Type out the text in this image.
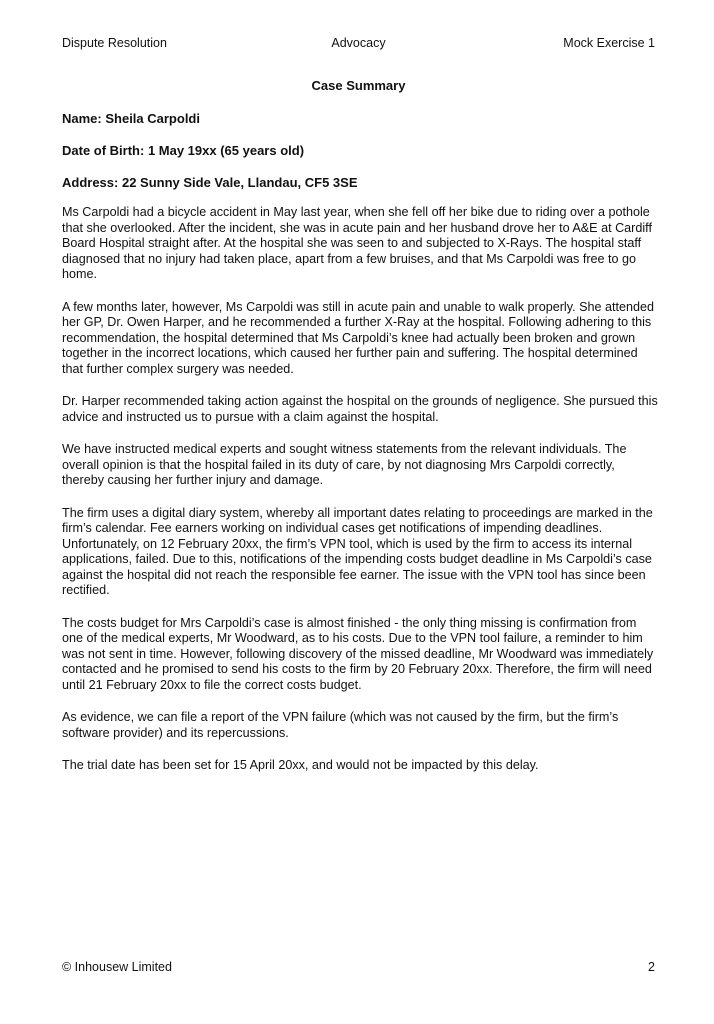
Dispute Resolution	Advocacy	Mock Exercise 1
Case Summary
Name: Sheila Carpoldi
Date of Birth: 1 May 19xx (65 years old)
Address: 22 Sunny Side Vale, Llandau, CF5 3SE

Ms Carpoldi had a bicycle accident in May last year, when she fell off her bike due to riding over a pothole that she overlooked. After the incident, she was in acute pain and her husband drove her to A&E at Cardiff Board Hospital straight after. At the hospital she was seen to and subjected to X-Rays. The hospital staff diagnosed that no injury had taken place, apart from a few bruises, and that Ms Carpoldi was free to go home.

A few months later, however, Ms Carpoldi was still in acute pain and unable to walk properly. She attended her GP, Dr. Owen Harper, and he recommended a further X-Ray at the hospital. Following adhering to this recommendation, the hospital determined that Ms Carpoldi’s knee had actually been broken and grown together in the incorrect locations, which caused her further pain and suffering. The hospital determined that further complex surgery was needed.

Dr. Harper recommended taking action against the hospital on the grounds of negligence. She pursued this advice and instructed us to pursue with a claim against the hospital.

We have instructed medical experts and sought witness statements from the relevant individuals. The overall opinion is that the hospital failed in its duty of care, by not diagnosing Mrs Carpoldi correctly, thereby causing her further injury and damage.

The firm uses a digital diary system, whereby all important dates relating to proceedings are marked in the firm’s calendar. Fee earners working on individual cases get notifications of impending deadlines. Unfortunately, on 12 February 20xx, the firm’s VPN tool, which is used by the firm to access its internal applications, failed. Due to this, notifications of the impending costs budget deadline in Ms Carpoldi’s case against the hospital did not reach the responsible fee earner. The issue with the VPN tool has since been rectified.

The costs budget for Mrs Carpoldi’s case is almost finished - the only thing missing is confirmation from one of the medical experts, Mr Woodward, as to his costs. Due to the VPN tool failure, a reminder to him was not sent in time. However, following discovery of the missed deadline, Mr Woodward was immediately contacted and he promised to send his costs to the firm by 20 February 20xx. Therefore, the firm will need until 21 February 20xx to file the correct costs budget.

As evidence, we can file a report of the VPN failure (which was not caused by the firm, but the firm’s software provider) and its repercussions.

The trial date has been set for 15 April 20xx, and would not be impacted by this delay.

© Inhousew Limited	2
